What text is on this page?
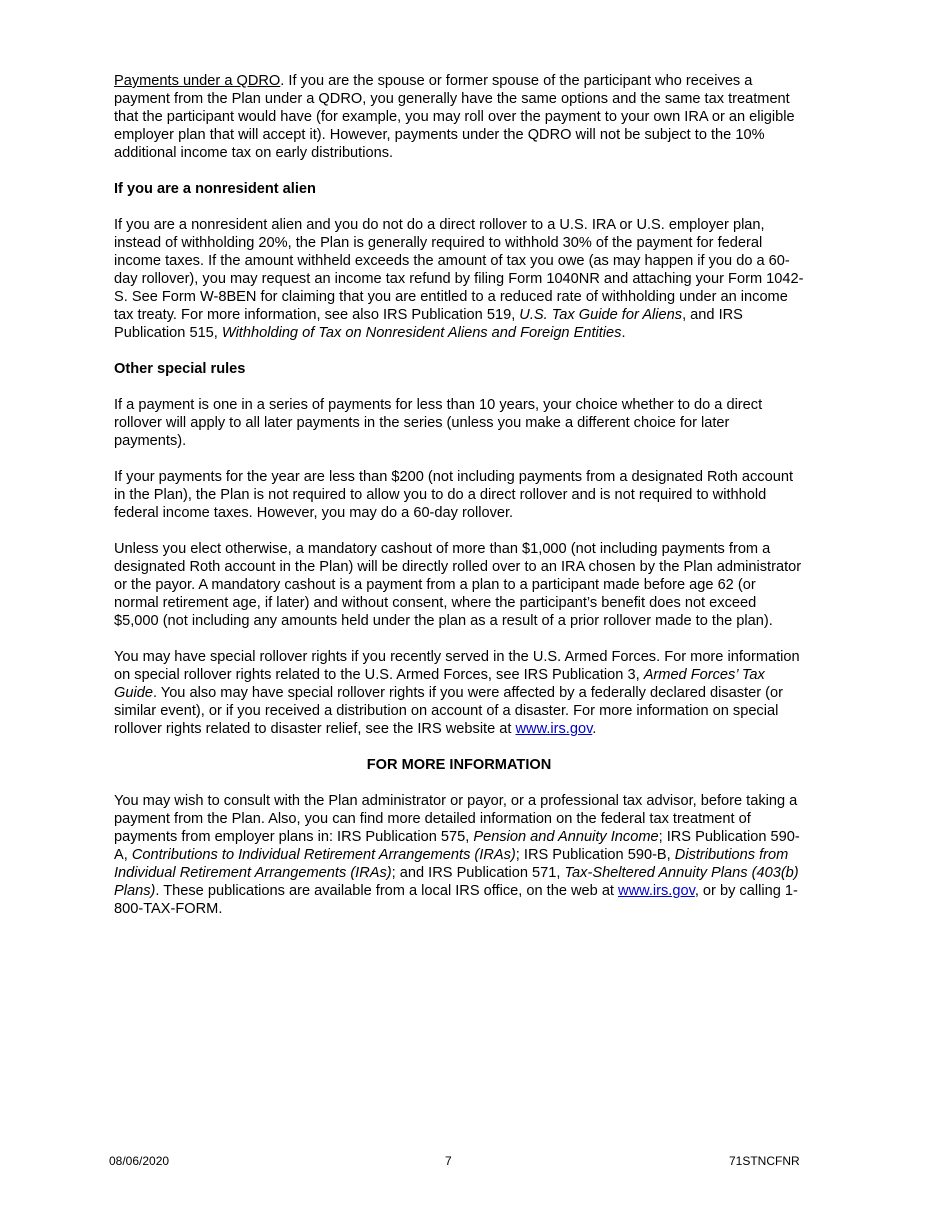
Payments under a QDRO. If you are the spouse or former spouse of the participant who receives a payment from the Plan under a QDRO, you generally have the same options and the same tax treatment that the participant would have (for example, you may roll over the payment to your own IRA or an eligible employer plan that will accept it). However, payments under the QDRO will not be subject to the 10% additional income tax on early distributions.

If you are a nonresident alien

If you are a nonresident alien and you do not do a direct rollover to a U.S. IRA or U.S. employer plan, instead of withholding 20%, the Plan is generally required to withhold 30% of the payment for federal income taxes. If the amount withheld exceeds the amount of tax you owe (as may happen if you do a 60-day rollover), you may request an income tax refund by filing Form 1040NR and attaching your Form 1042-S. See Form W-8BEN for claiming that you are entitled to a reduced rate of withholding under an income tax treaty. For more information, see also IRS Publication 519, U.S. Tax Guide for Aliens, and IRS Publication 515, Withholding of Tax on Nonresident Aliens and Foreign Entities.

Other special rules

If a payment is one in a series of payments for less than 10 years, your choice whether to do a direct rollover will apply to all later payments in the series (unless you make a different choice for later payments).

If your payments for the year are less than $200 (not including payments from a designated Roth account in the Plan), the Plan is not required to allow you to do a direct rollover and is not required to withhold federal income taxes. However, you may do a 60-day rollover.

Unless you elect otherwise, a mandatory cashout of more than $1,000 (not including payments from a designated Roth account in the Plan) will be directly rolled over to an IRA chosen by the Plan administrator or the payor. A mandatory cashout is a payment from a plan to a participant made before age 62 (or normal retirement age, if later) and without consent, where the participant’s benefit does not exceed $5,000 (not including any amounts held under the plan as a result of a prior rollover made to the plan).

You may have special rollover rights if you recently served in the U.S. Armed Forces. For more information on special rollover rights related to the U.S. Armed Forces, see IRS Publication 3, Armed Forces’ Tax Guide. You also may have special rollover rights if you were affected by a federally declared disaster (or similar event), or if you received a distribution on account of a disaster. For more information on special rollover rights related to disaster relief, see the IRS website at www.irs.gov.

FOR MORE INFORMATION

You may wish to consult with the Plan administrator or payor, or a professional tax advisor, before taking a payment from the Plan. Also, you can find more detailed information on the federal tax treatment of payments from employer plans in: IRS Publication 575, Pension and Annuity Income; IRS Publication 590-A, Contributions to Individual Retirement Arrangements (IRAs); IRS Publication 590-B, Distributions from Individual Retirement Arrangements (IRAs); and IRS Publication 571, Tax-Sheltered Annuity Plans (403(b) Plans). These publications are available from a local IRS office, on the web at www.irs.gov, or by calling 1-800-TAX-FORM.

08/06/2020	7	71STNCFNR
